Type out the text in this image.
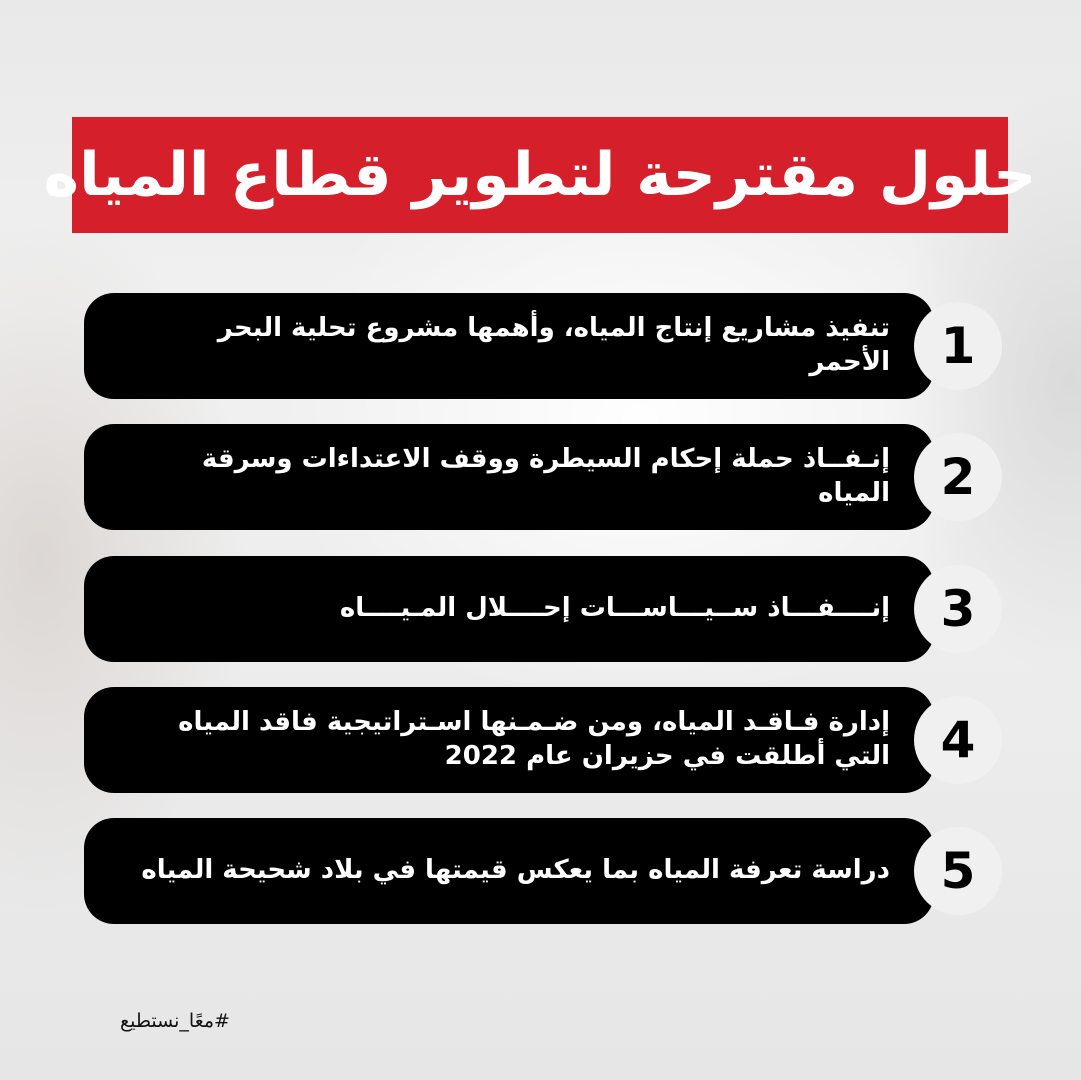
حلول مقترحة لتطوير قطاع المياه
تنفيذ مشاريع إنتاج المياه، وأهمها مشروع تحلية البحر الأحمر	1
إنـفــاذ حملة إحكام السيطرة ووقف الاعتداءات وسرقة المياه	2
إنــــفـــاذ ســيـــاســـات إحــــلال المـيــــاه	3
إدارة فـاقـد المياه، ومن ضـمـنها اسـتراتيجية فاقد المياه التي أطلقت في حزيران عام 2022	4
دراسة تعرفة المياه بما يعكس قيمتها في بلاد شحيحة المياه	5
#معًا_نستطيع
